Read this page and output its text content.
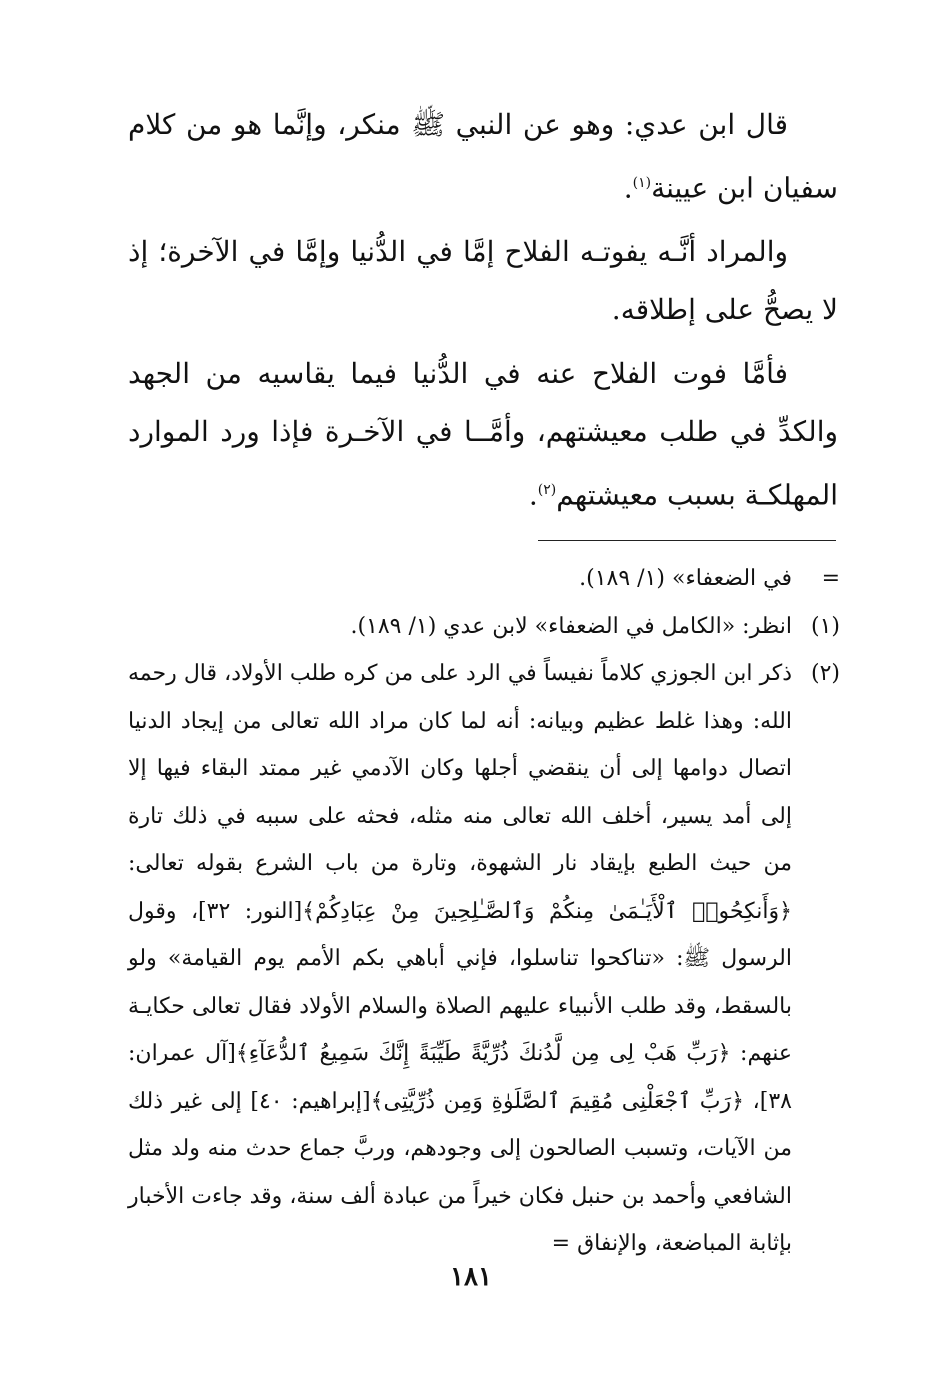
قال ابن عدي: وهو عن النبي ﷺ منكر، وإنَّما هو من كلام سفيان ابن عيينة$^{(١)}$.

والمراد أنَّـه يفوتـه الفلاح إمَّا في الدُّنيا وإمَّا في الآخرة؛ إذ لا يصحُّ على إطلاقه.

فأمَّا فوت الفلاح عنه في الدُّنيا فيما يقاسيه من الجهد والكدِّ في طلب معيشتهم، وأمَّــا في الآخـرة فإذا ورد الموارد المهلكـة بسبب معيشتهم$^{(٢)}$.

=
في الضعفاء» (١/ ١٨٩).
(١)
انظر: «الكامل في الضعفاء» لابن عدي (١/ ١٨٩).
(٢)
ذكر ابن الجوزي كلاماً نفيساً في الرد على من كره طلب الأولاد، قال رحمه الله: وهذا غلط عظيم وبيانه: أنه لما كان مراد الله تعالى من إيجاد الدنيا اتصال دوامها إلى أن ينقضي أجلها وكان الآدمي غير ممتد البقاء فيها إلا إلى أمد يسير، أخلف الله تعالى منه مثله، فحثه على سببه في ذلك تارة من حيث الطبع بإيقاد نار الشهوة، وتارة من باب الشرع بقوله تعالى: ﴿وَأَنكِحُوا۟ ٱلْأَيَـٰمَىٰ مِنكُمْ وَٱلصَّـٰلِحِينَ مِنْ عِبَادِكُمْ﴾[النور: ٣٢]، وقول الرسول ﷺ: «تناكحوا تناسلوا، فإني أباهي بكم الأمم يوم القيامة» ولو بالسقط، وقد طلب الأنبياء عليهم الصلاة والسلام الأولاد فقال تعالى حكايـة عنهم: ﴿رَبِّ هَبْ لِى مِن لَّدُنكَ ذُرِّيَّةً طَيِّبَةً إِنَّكَ سَمِيعُ ٱلدُّعَآءِ﴾[آل عمران: ٣٨]، ﴿رَبِّ ٱجْعَلْنِى مُقِيمَ ٱلصَّلَوٰةِ وَمِن ذُرِّيَّتِى﴾[إبراهيم: ٤٠] إلى غير ذلك من الآيات، وتسبب الصالحون إلى وجودهم، وربَّ جماع حدث منه ولد مثل الشافعي وأحمد بن حنبل فكان خيراً من عبادة ألف سنة، وقد جاءت الأخبار بإثابة المباضعة، والإنفاق =
١٨١
